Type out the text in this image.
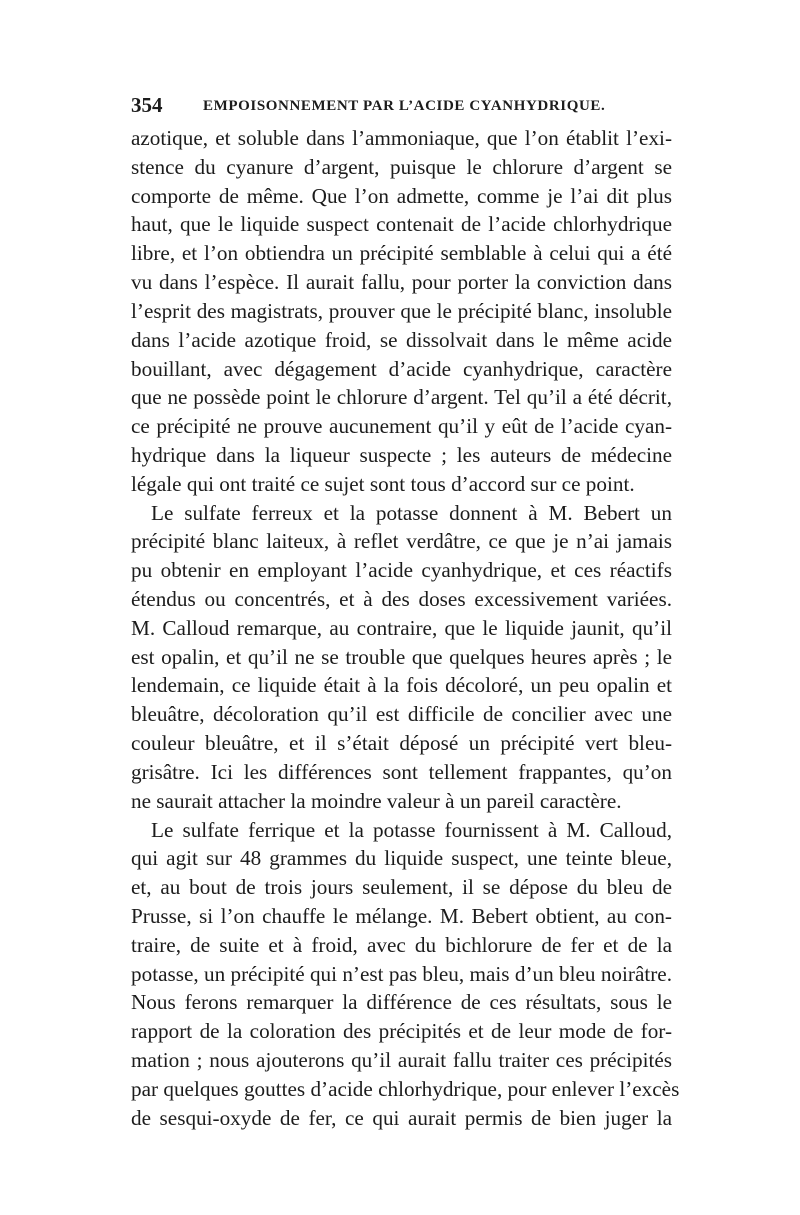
354	EMPOISONNEMENT PAR L’ACIDE CYANHYDRIQUE.
azotique, et soluble dans l’ammoniaque, que l’on établit l’exi-
stence du cyanure d’argent, puisque le chlorure d’argent se
comporte de même. Que l’on admette, comme je l’ai dit plus
haut, que le liquide suspect contenait de l’acide chlorhydrique
libre, et l’on obtiendra un précipité semblable à celui qui a été
vu dans l’espèce. Il aurait fallu, pour porter la conviction dans
l’esprit des magistrats, prouver que le précipité blanc, insoluble
dans l’acide azotique froid, se dissolvait dans le même acide
bouillant, avec dégagement d’acide cyanhydrique, caractère
que ne possède point le chlorure d’argent. Tel qu’il a été décrit,
ce précipité ne prouve aucunement qu’il y eût de l’acide cyan-
hydrique dans la liqueur suspecte ; les auteurs de médecine
légale qui ont traité ce sujet sont tous d’accord sur ce point.
Le sulfate ferreux et la potasse donnent à M. Bebert un
précipité blanc laiteux, à reflet verdâtre, ce que je n’ai jamais
pu obtenir en employant l’acide cyanhydrique, et ces réactifs
étendus ou concentrés, et à des doses excessivement variées.
M. Calloud remarque, au contraire, que le liquide jaunit, qu’il
est opalin, et qu’il ne se trouble que quelques heures après ; le
lendemain, ce liquide était à la fois décoloré, un peu opalin et
bleuâtre, décoloration qu’il est difficile de concilier avec une
couleur bleuâtre, et il s’était déposé un précipité vert bleu-
grisâtre. Ici les différences sont tellement frappantes, qu’on
ne saurait attacher la moindre valeur à un pareil caractère.
Le sulfate ferrique et la potasse fournissent à M. Calloud,
qui agit sur 48 grammes du liquide suspect, une teinte bleue,
et, au bout de trois jours seulement, il se dépose du bleu de
Prusse, si l’on chauffe le mélange. M. Bebert obtient, au con-
traire, de suite et à froid, avec du bichlorure de fer et de la
potasse, un précipité qui n’est pas bleu, mais d’un bleu noirâtre.
Nous ferons remarquer la différence de ces résultats, sous le
rapport de la coloration des précipités et de leur mode de for-
mation ; nous ajouterons qu’il aurait fallu traiter ces précipités
par quelques gouttes d’acide chlorhydrique, pour enlever l’excès
de sesqui-oxyde de fer, ce qui aurait permis de bien juger la
